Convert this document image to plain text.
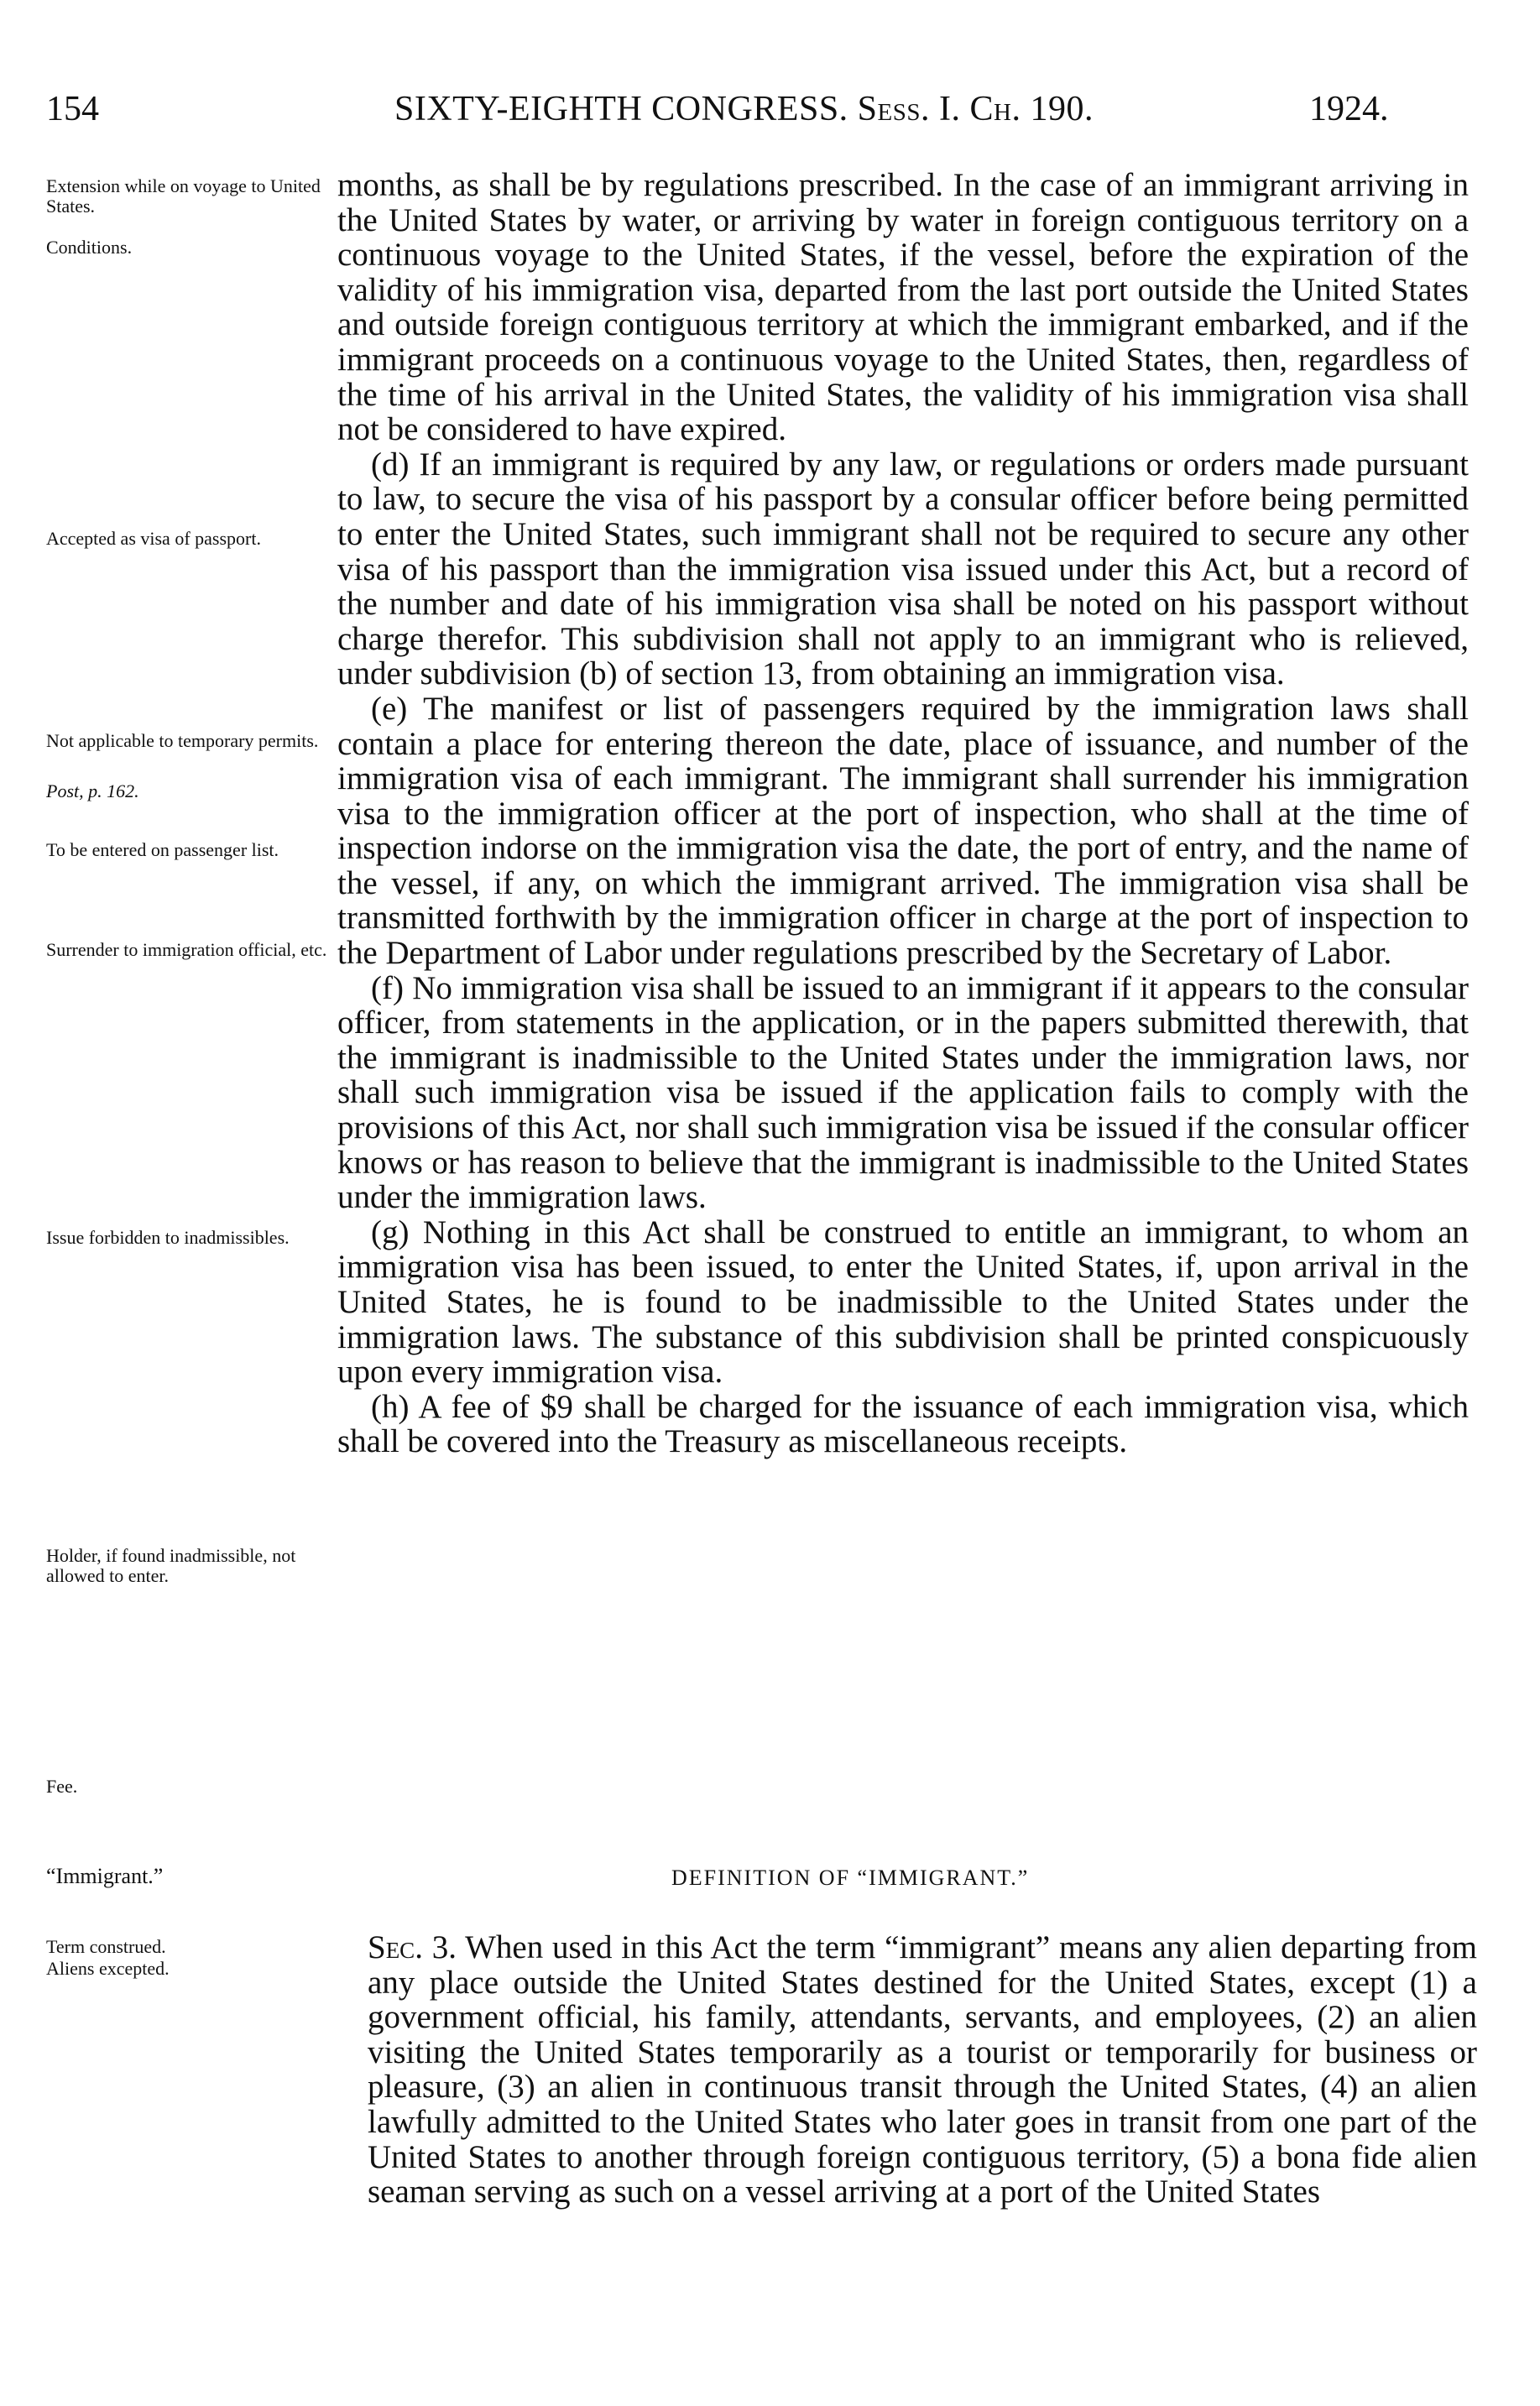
154	SIXTY-EIGHTH CONGRESS. Sess. I. Ch. 190.	1924.
Extension while on voyage to United States.
Conditions.
Accepted as visa of passport.
Not applicable to temporary permits.
Post, p. 162.
To be entered on passenger list.
Surrender to immigration official, etc.
Issue forbidden to inadmissibles.
Holder, if found inadmissible, not allowed to enter.
Fee.
“Immigrant.”
Term construed.
Aliens excepted.

months, as shall be by regulations prescribed. In the case of an immigrant arriving in the United States by water, or arriving by water in foreign contiguous territory on a continuous voyage to the United States, if the vessel, before the expiration of the validity of his immigration visa, departed from the last port outside the United States and outside foreign contiguous territory at which the immigrant embarked, and if the immigrant proceeds on a continuous voyage to the United States, then, regardless of the time of his arrival in the United States, the validity of his immigration visa shall not be considered to have expired.

(d) If an immigrant is required by any law, or regulations or orders made pursuant to law, to secure the visa of his passport by a consular officer before being permitted to enter the United States, such immigrant shall not be required to secure any other visa of his passport than the immigration visa issued under this Act, but a record of the number and date of his immigration visa shall be noted on his passport without charge therefor. This subdivision shall not apply to an immigrant who is relieved, under subdivision (b) of section 13, from obtaining an immigration visa.

(e) The manifest or list of passengers required by the immigration laws shall contain a place for entering thereon the date, place of issuance, and number of the immigration visa of each immigrant. The immigrant shall surrender his immigration visa to the immigration officer at the port of inspection, who shall at the time of inspection indorse on the immigration visa the date, the port of entry, and the name of the vessel, if any, on which the immigrant arrived. The immigration visa shall be transmitted forthwith by the immigration officer in charge at the port of inspection to the Department of Labor under regulations prescribed by the Secretary of Labor.

(f) No immigration visa shall be issued to an immigrant if it appears to the consular officer, from statements in the application, or in the papers submitted therewith, that the immigrant is inadmissible to the United States under the immigration laws, nor shall such immigration visa be issued if the application fails to comply with the provisions of this Act, nor shall such immigration visa be issued if the consular officer knows or has reason to believe that the immigrant is inadmissible to the United States under the immigration laws.

(g) Nothing in this Act shall be construed to entitle an immigrant, to whom an immigration visa has been issued, to enter the United States, if, upon arrival in the United States, he is found to be inadmissible to the United States under the immigration laws. The substance of this subdivision shall be printed conspicuously upon every immigration visa.

(h) A fee of $9 shall be charged for the issuance of each immigration visa, which shall be covered into the Treasury as miscellaneous receipts.

DEFINITION OF “IMMIGRANT.”

Sec. 3. When used in this Act the term “immigrant” means any alien departing from any place outside the United States destined for the United States, except (1) a government official, his family, attendants, servants, and employees, (2) an alien visiting the United States temporarily as a tourist or temporarily for business or pleasure, (3) an alien in continuous transit through the United States, (4) an alien lawfully admitted to the United States who later goes in transit from one part of the United States to another through foreign contiguous territory, (5) a bona fide alien seaman serving as such on a vessel arriving at a port of the United States
